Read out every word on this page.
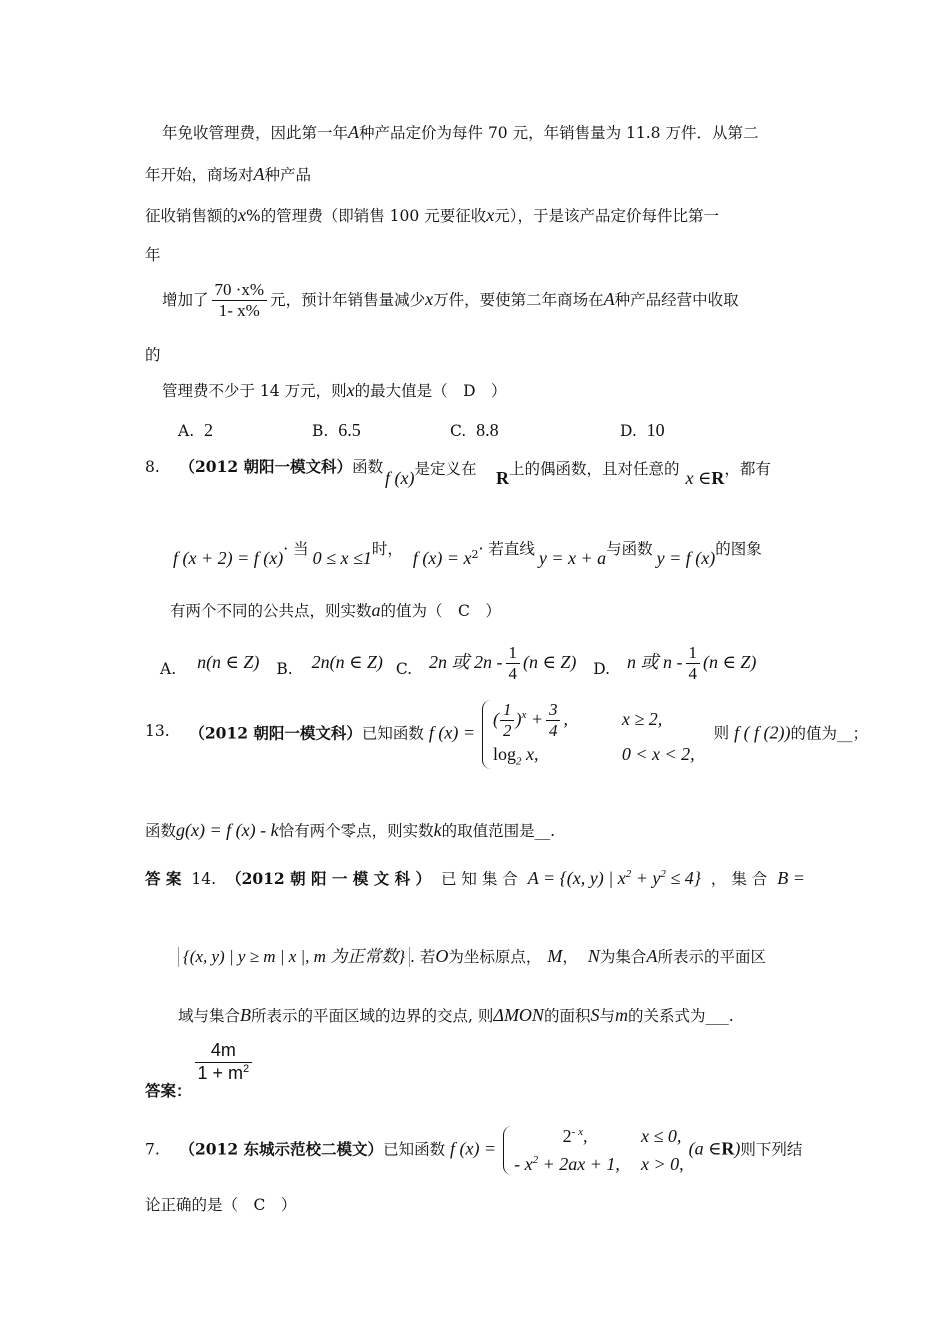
年免收管理费，因此第一年A种产品定价为每件 70 元，年销售量为 11.8 万件．从第二
年开始，商场对A种产品
征收销售额的x%的管理费（即销售 100 元要征收x元），于是该产品定价每件比第一
年
增加了 $\frac{70 \cdot x\%}{1- x\%}$ 元，预计年销售量减少x万件，要使第二年商场在A种产品经营中收取
的
管理费不少于 14 万元，则x的最大值是（　D　）
A. 2	B. 6.5	C. 8.8	D. 10
8. （2012 朝阳一模文科）函数
f (x)是定义在 R上的偶函数，且对任意的 x ∈R，都有
f (x + 2) = f (x)· 当 0 ≤ x ≤1时， f $(x) = x^2\cdot$ 若直线 y = x + a与函数 y = f (x)的图象
有两个不同的公共点，则实数a的值为（　C　）
A. n(n ∈ Z) B. 2n(n ∈ Z) C. 2n 或 $2n - \frac{1}{4} (n$ ∈ Z) D. n 或 n - $\frac{1}{4} (n$ ∈ Z)
13. （2012 朝阳一模文科）已知函数 f (x) =
( $\frac{1}{2} )^x + \frac{3}{4}$ ,	x ≥ 2,
$\log_2 x$,	0 < x < 2,
则 f ( f (2))的值为__；
函数g(x) = f (x) - k恰有两个零点，则实数k的取值范围是__.
答 案 14. （2012 朝 阳 一 模 文 科 ） 已 知 集 合 A = {(x, y) | $x^2 + y^2 \le 4$} ， 集 合 B =
{(x, y) | y ≥ m | x |, m 为正常数} . 若O为坐标原点， M， N为集合A所表示的平面区
域与集合B所表示的平面区域的边界的交点, 则ΔMON的面积S与m的关系式为___.
答案：
$\frac{4m}{1 + m^2}$
7. （2012 东城示范校二模文）已知函数 f (x) =
$2^{- x}$,	x ≤ 0,
- $x^2 + 2ax + 1$, x > 0,
(a ∈R)则下列结
论正确的是（　C　）
